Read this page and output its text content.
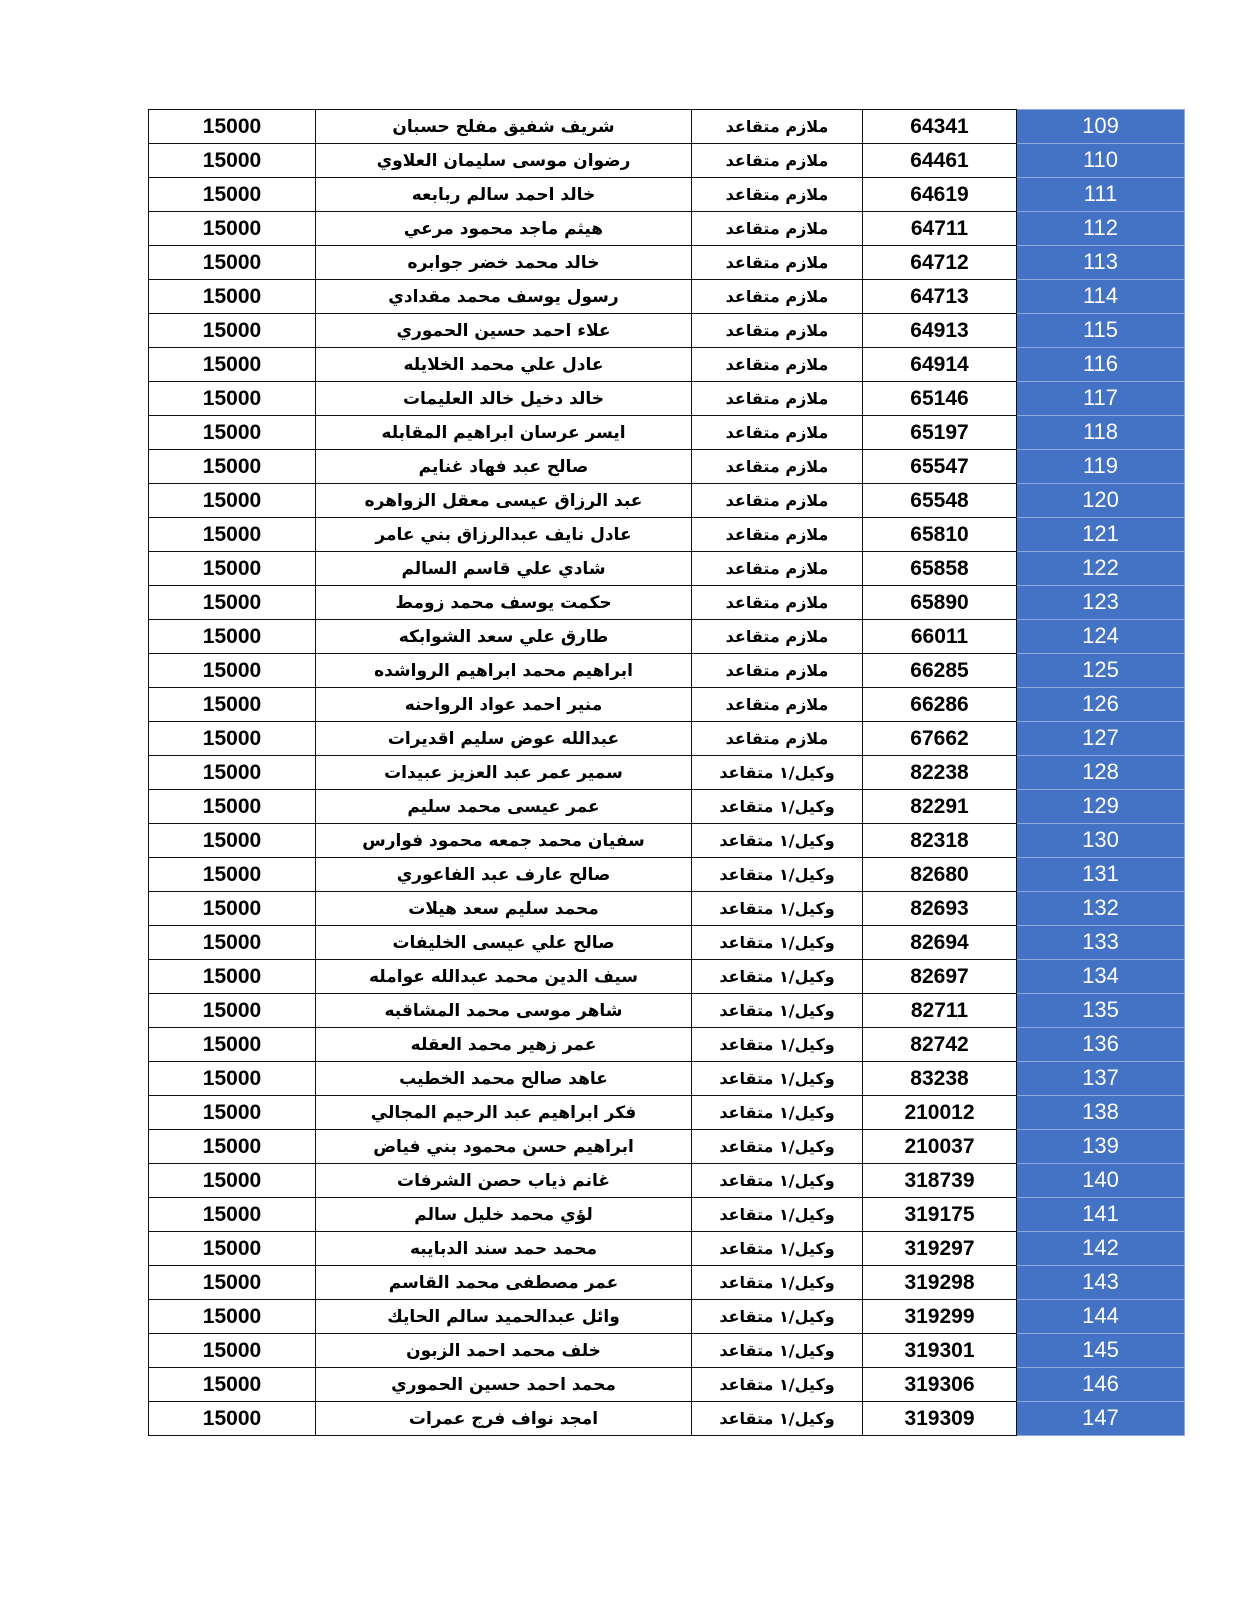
15000	شريف شفيق مفلح حسبان	ملازم متقاعد	64341	109
15000	رضوان موسى سليمان العلاوي	ملازم متقاعد	64461	110
15000	خالد احمد سالم ربابعه	ملازم متقاعد	64619	111
15000	هيثم ماجد محمود مرعي	ملازم متقاعد	64711	112
15000	خالد محمد خضر جوابره	ملازم متقاعد	64712	113
15000	رسول يوسف محمد مقدادي	ملازم متقاعد	64713	114
15000	علاء احمد حسين الحموري	ملازم متقاعد	64913	115
15000	عادل علي محمد الخلايله	ملازم متقاعد	64914	116
15000	خالد دخيل خالد العليمات	ملازم متقاعد	65146	117
15000	ايسر عرسان ابراهيم المقابله	ملازم متقاعد	65197	118
15000	صالح عبد فهاد غنايم	ملازم متقاعد	65547	119
15000	عبد الرزاق عيسى معقل الزواهره	ملازم متقاعد	65548	120
15000	عادل نايف عبدالرزاق بني عامر	ملازم متقاعد	65810	121
15000	شادي علي قاسم السالم	ملازم متقاعد	65858	122
15000	حكمت يوسف محمد زومط	ملازم متقاعد	65890	123
15000	طارق علي سعد الشوابكه	ملازم متقاعد	66011	124
15000	ابراهيم محمد ابراهيم الرواشده	ملازم متقاعد	66285	125
15000	منير احمد عواد الرواحنه	ملازم متقاعد	66286	126
15000	عبدالله عوض سليم اقديرات	ملازم متقاعد	67662	127
15000	سمير عمر عبد العزيز عبيدات	وكيل/١ متقاعد	82238	128
15000	عمر عيسى محمد سليم	وكيل/١ متقاعد	82291	129
15000	سفيان محمد جمعه محمود فوارس	وكيل/١ متقاعد	82318	130
15000	صالح عارف عبد الفاعوري	وكيل/١ متقاعد	82680	131
15000	محمد سليم سعد هيلات	وكيل/١ متقاعد	82693	132
15000	صالح علي عيسى الخليفات	وكيل/١ متقاعد	82694	133
15000	سيف الدين محمد عبدالله عوامله	وكيل/١ متقاعد	82697	134
15000	شاهر موسى محمد المشاقبه	وكيل/١ متقاعد	82711	135
15000	عمر زهير محمد العقله	وكيل/١ متقاعد	82742	136
15000	عاهد صالح محمد الخطيب	وكيل/١ متقاعد	83238	137
15000	فكر ابراهيم عبد الرحيم المجالي	وكيل/١ متقاعد	210012	138
15000	ابراهيم حسن محمود بني فياض	وكيل/١ متقاعد	210037	139
15000	غانم ذياب حصن الشرفات	وكيل/١ متقاعد	318739	140
15000	لؤي محمد خليل سالم	وكيل/١ متقاعد	319175	141
15000	محمد حمد سند الدبايبه	وكيل/١ متقاعد	319297	142
15000	عمر مصطفى محمد القاسم	وكيل/١ متقاعد	319298	143
15000	وائل عبدالحميد سالم الحايك	وكيل/١ متقاعد	319299	144
15000	خلف محمد احمد الزبون	وكيل/١ متقاعد	319301	145
15000	محمد احمد حسين الحموري	وكيل/١ متقاعد	319306	146
15000	امجد نواف فرج عمرات	وكيل/١ متقاعد	319309	147
